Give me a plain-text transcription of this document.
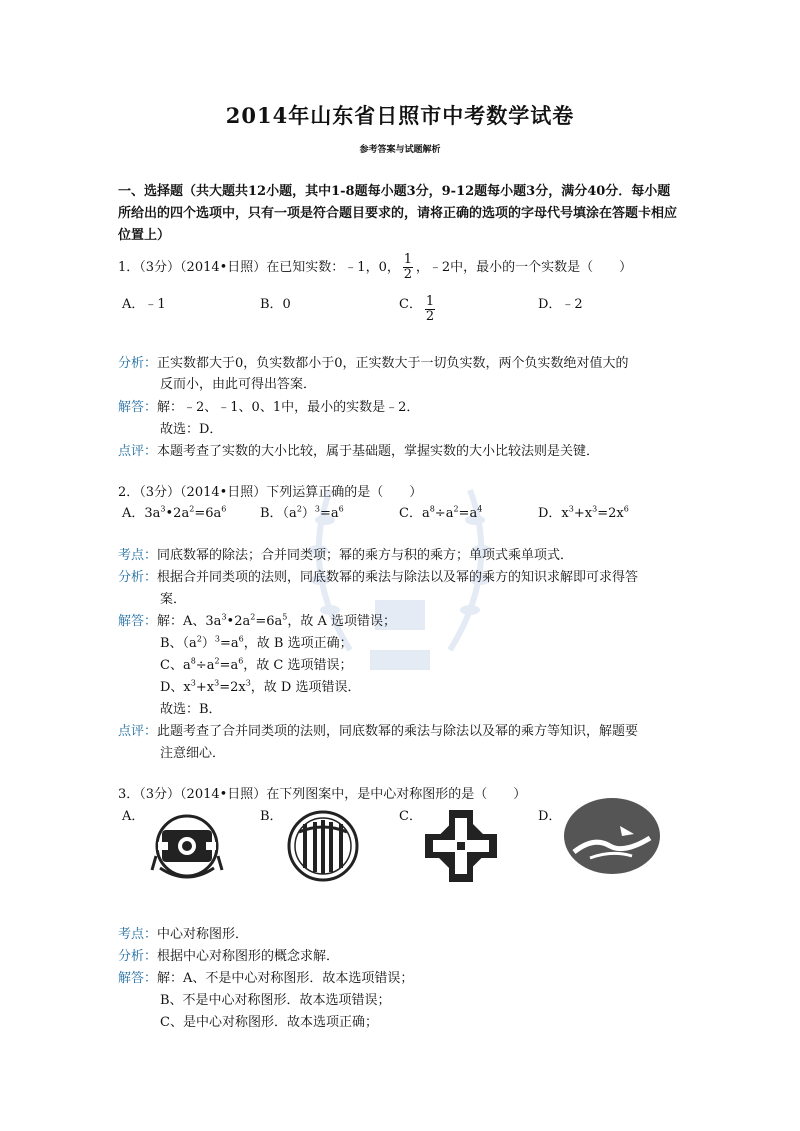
2014年山东省日照市中考数学试卷
参考答案与试题解析
一、选择题（共大题共12小题，其中1-8题每小题3分，9-12题每小题3分，满分40分．每小题所给出的四个选项中，只有一项是符合题目要求的，请将正确的选项的字母代号填涂在答题卡相应位置上）
1．（3分）（2014•日照）在已知实数：﹣1，0， $\frac{1}{2}$ ，﹣2中，最小的一个实数是（　　）
A．﹣1	B．0	C． $\frac{1}{2}$	D．﹣2
分析：正实数都大于0，负实数都小于0，正实数大于一切负实数，两个负实数绝对值大的
反而小，由此可得出答案．
解答：解：﹣2、﹣1、0、1中，最小的实数是﹣2．
故选：D．
点评：本题考查了实数的大小比较，属于基础题，掌握实数的大小比较法则是关键．
2．（3分）（2014•日照）下列运算正确的是（　　）
A．$3a^3•2a^2=6a^6$	B．$(a^2)^3=a^6$	C．$a^8\div a^2=a^4$	D．$x^3+x^3=2x^6$
考点：同底数幂的除法；合并同类项；幂的乘方与积的乘方；单项式乘单项式．
分析：根据合并同类项的法则，同底数幂的乘法与除法以及幂的乘方的知识求解即可求得答
案．
解答：解：A、$3a^3•2a^2=6a^5$，故 A 选项错误；
B、$(a^2)^3=a^6$，故 B 选项正确；
C、$a^8\div a^2=a^6$，故 C 选项错误；
D、$x^3+x^3=2x^3$，故 D 选项错误．
故选：B．
点评：此题考查了合并同类项的法则，同底数幂的乘法与除法以及幂的乘方等知识，解题要
注意细心．
3．（3分）（2014•日照）在下列图案中，是中心对称图形的是（　　）
A．	B．	C．	D．
考点：中心对称图形．
分析：根据中心对称图形的概念求解．
解答：解：A、不是中心对称图形．故本选项错误；
B、不是中心对称图形．故本选项错误；
C、是中心对称图形．故本选项正确；
